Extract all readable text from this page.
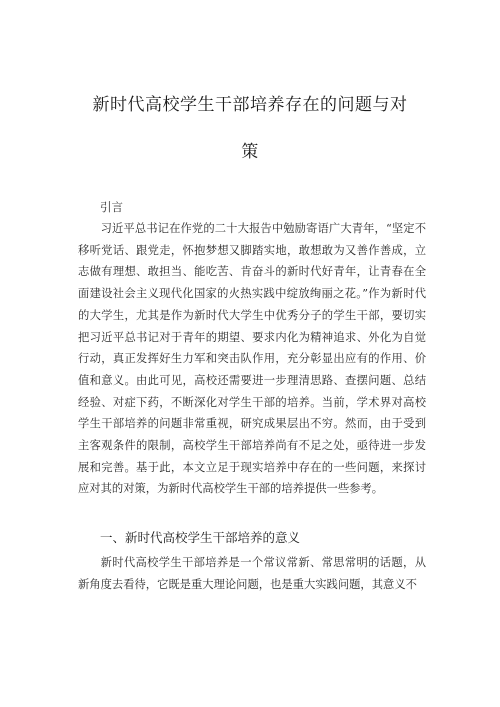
新时代高校学生干部培养存在的问题与对
策
引言

习近平总书记在作党的二十大报告中勉励寄语广大青年，“坚定不移听党话、跟党走，怀抱梦想又脚踏实地，敢想敢为又善作善成，立志做有理想、敢担当、能吃苦、肯奋斗的新时代好青年，让青春在全面建设社会主义现代化国家的火热实践中绽放绚丽之花。”作为新时代的大学生，尤其是作为新时代大学生中优秀分子的学生干部，要切实把习近平总书记对于青年的期望、要求内化为精神追求、外化为自觉行动，真正发挥好生力军和突击队作用，充分彰显出应有的作用、价值和意义。由此可见，高校还需要进一步理清思路、查摆问题、总结经验、对症下药，不断深化对学生干部的培养。当前，学术界对高校学生干部培养的问题非常重视，研究成果层出不穷。然而，由于受到主客观条件的限制，高校学生干部培养尚有不足之处，亟待进一步发展和完善。基于此，本文立足于现实培养中存在的一些问题，来探讨应对其的对策，为新时代高校学生干部的培养提供一些参考。

一、新时代高校学生干部培养的意义

新时代高校学生干部培养是一个常议常新、常思常明的话题，从新角度去看待，它既是重大理论问题，也是重大实践问题，其意义不
